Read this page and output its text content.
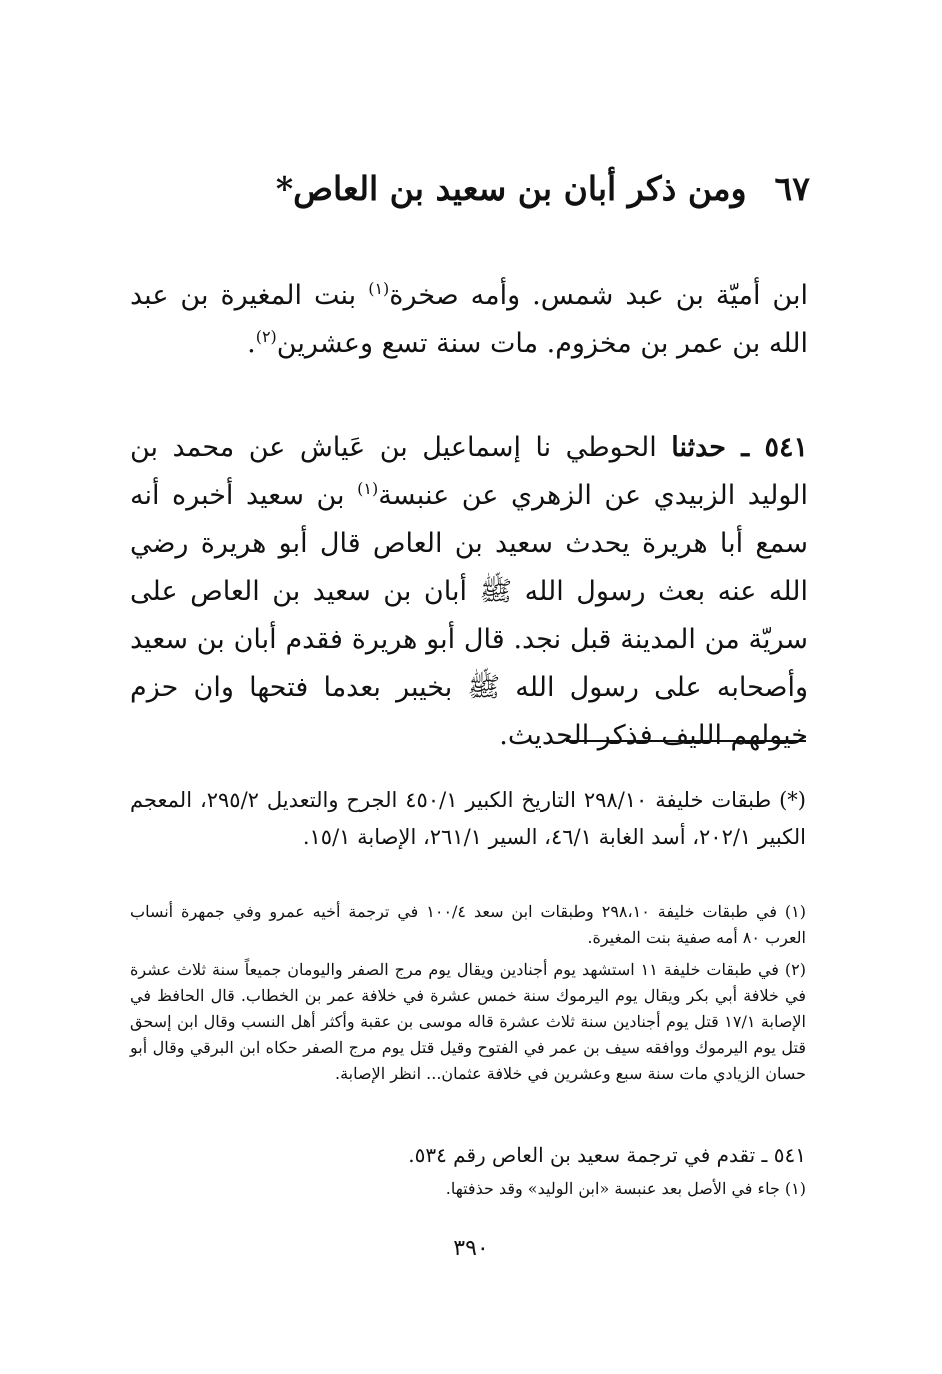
٦٧ومن ذكر أبان بن سعيد بن العاص*
ابن أميّة بن عبد شمس. وأمه صخرة$^{(١)}$ بنت المغيرة بن عبد الله بن عمر بن مخزوم. مات سنة تسع وعشرين$^{(٢)}$.
٥٤١ ـ حدثنا الحوطي نا إسماعيل بن عَياش عن محمد بن الوليد الزبيدي عن الزهري عن عنبسة$^{(١)}$ بن سعيد أخبره أنه سمع أبا هريرة يحدث سعيد بن العاص قال أبو هريرة رضي الله عنه بعث رسول الله ﷺ أبان بن سعيد بن العاص على سريّة من المدينة قبل نجد. قال أبو هريرة فقدم أبان بن سعيد وأصحابه على رسول الله ﷺ بخيبر بعدما فتحها وان حزم خيولهم الليف فذكر الحديث.
(*) طبقات خليفة ٢٩٨/١٠ التاريخ الكبير ٤٥٠/١ الجرح والتعديل ٢٩٥/٢، المعجم الكبير ٢٠٢/١، أسد الغابة ٤٦/١، السير ٢٦١/١، الإصابة ١٥/١.
(١) في طبقات خليفة ٢٩٨،١٠ وطبقات ابن سعد ١٠٠/٤ في ترجمة أخيه عمرو وفي جمهرة أنساب العرب ٨٠ أمه صفية بنت المغيرة.
(٢) في طبقات خليفة ١١ استشهد يوم أجنادين ويقال يوم مرج الصفر واليومان جميعاً سنة ثلاث عشرة في خلافة أبي بكر ويقال يوم اليرموك سنة خمس عشرة في خلافة عمر بن الخطاب. قال الحافظ في الإصابة ١٧/١ قتل يوم أجنادين سنة ثلاث عشرة قاله موسى بن عقبة وأكثر أهل النسب وقال ابن إسحق قتل يوم اليرموك ووافقه سيف بن عمر في الفتوح وقيل قتل يوم مرج الصفر حكاه ابن البرقي وقال أبو حسان الزيادي مات سنة سبع وعشرين في خلافة عثمان... انظر الإصابة.
٥٤١ ـ تقدم في ترجمة سعيد بن العاص رقم ٥٣٤.
(١) جاء في الأصل بعد عنبسة «ابن الوليد» وقد حذفتها.
٣٩٠
